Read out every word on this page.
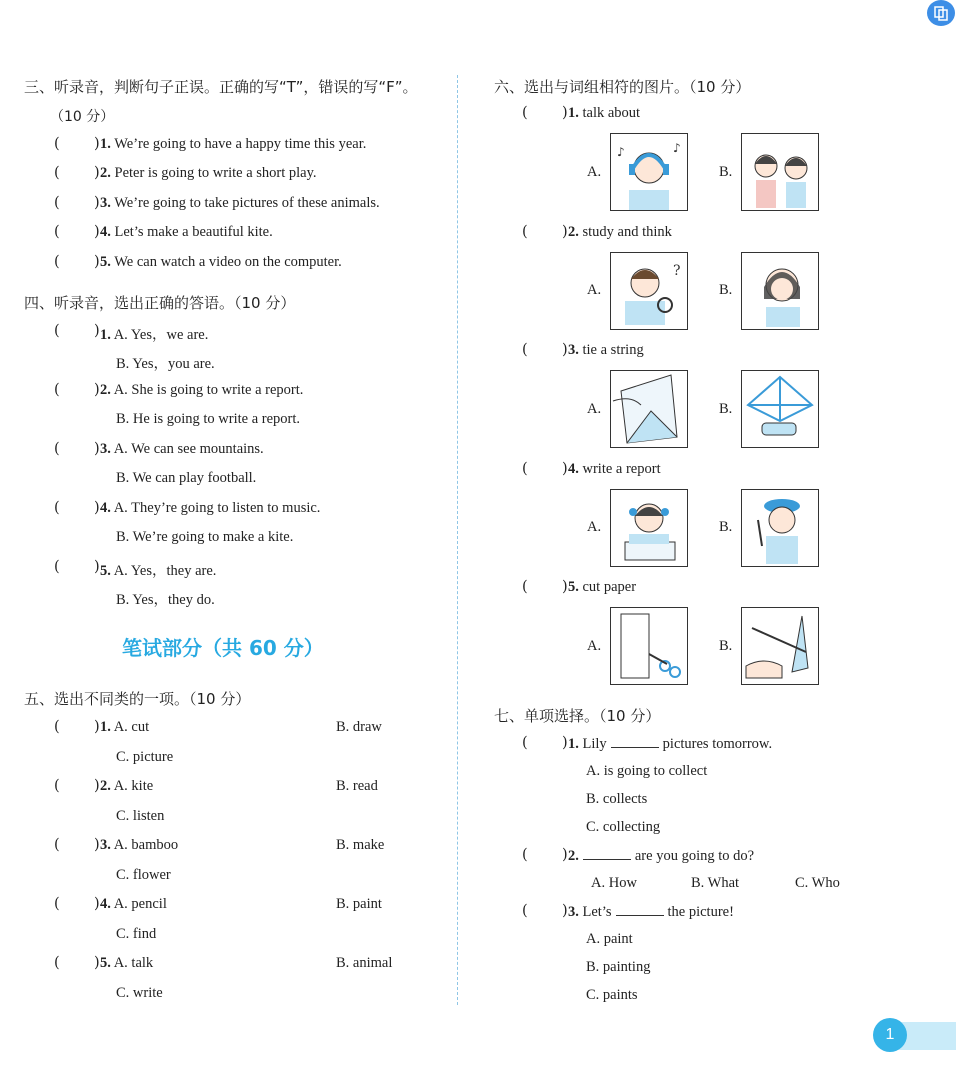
三、听录音，判断句子正误。正确的写“T”，错误的写“F”。
（10 分）
( ) 1. We’re going to have a happy time this year.
( ) 2. Peter is going to write a short play.
( ) 3. We’re going to take pictures of these animals.
( ) 4. Let’s make a beautiful kite.
( ) 5. We can watch a video on the computer.
四、听录音，选出正确的答语。（10 分）
( ) 1. A. Yes，we are.
B. Yes，you are.
( ) 2. A. She is going to write a report.
B. He is going to write a report.
( ) 3. A. We can see mountains.
B. We can play football.
( ) 4. A. They’re going to listen to music.
B. We’re going to make a kite.
( ) 5. A. Yes，they are.
B. Yes，they do.
笔试部分（共 60 分）
五、选出不同类的一项。（10 分）
( ) 1. A. cut	B. draw
C. picture
( ) 2. A. kite	B. read
C. listen
( ) 3. A. bamboo	B. make
C. flower
( ) 4. A. pencil	B. paint
C. find
( ) 5. A. talk	B. animal
C. write
六、选出与词组相符的图片。（10 分）
( ) 1. talk about
A.
♪	♪
B.
( ) 2. study and think
A.
?
B.
( ) 3. tie a string
A.	B.
( ) 4. write a report
A.	B.
( ) 5. cut paper
A.	B.
七、单项选择。（10 分）
( ) 1. Lily	pictures tomorrow.
A. is going to collect
B. collects
C. collecting
( ) 2.	are you going to do?
A. How	B. What	C. Who
( ) 3. Let’s	the picture!
A. paint
B. painting
C. paints
1
